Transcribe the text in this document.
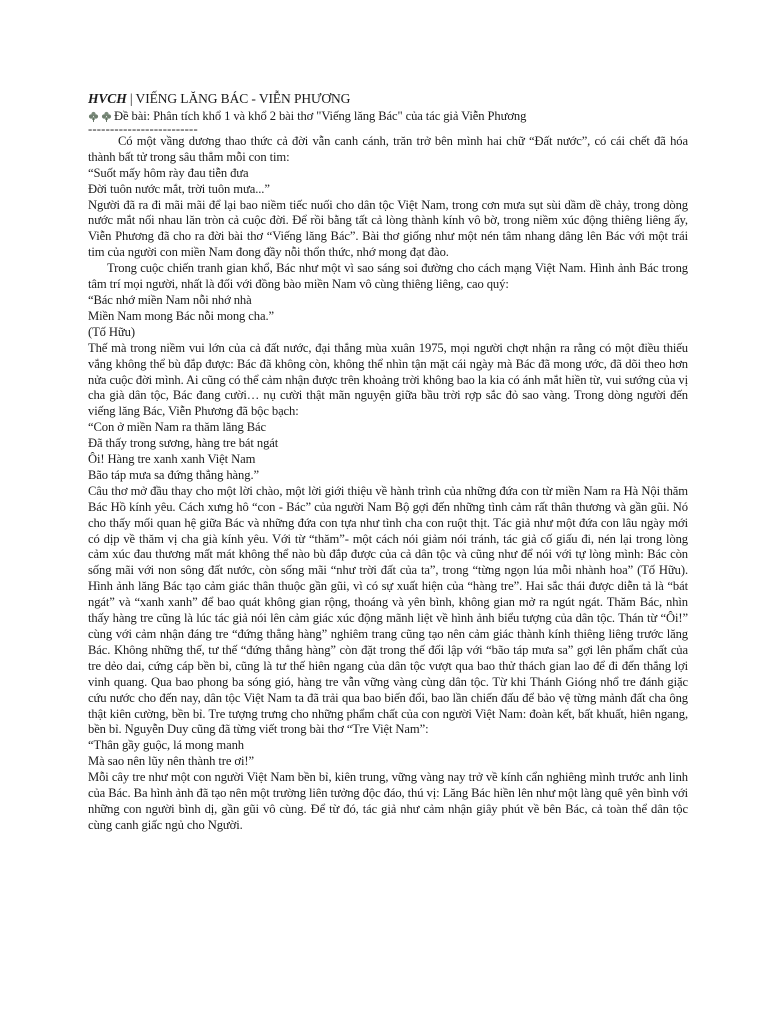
HVCH | VIẾNG LĂNG BÁC - VIỄN PHƯƠNG
Đề bài: Phân tích khổ 1 và khổ 2 bài thơ "Viếng lăng Bác" của tác giả Viễn Phương
-------------------------

Có một vầng dương thao thức cả đời vẫn canh cánh, trăn trở bên mình hai chữ “Đất nước”, có cái chết đã hóa thành bất tử trong sâu thẳm mỗi con tim:

“Suốt mấy hôm rày đau tiễn đưa
Đời tuôn nước mắt, trời tuôn mưa...”

Người đã ra đi mãi mãi để lại bao niềm tiếc nuối cho dân tộc Việt Nam, trong cơn mưa sụt sùi dầm dề chảy, trong dòng nước mắt nối nhau lăn tròn cả cuộc đời. Để rồi bằng tất cả lòng thành kính vô bờ, trong niềm xúc động thiêng liêng ấy, Viễn Phương đã cho ra đời bài thơ “Viếng lăng Bác”. Bài thơ giống như một nén tâm nhang dâng lên Bác với một trái tim của người con miền Nam đong đầy nỗi thổn thức, nhớ mong đạt đào.

Trong cuộc chiến tranh gian khổ, Bác như một vì sao sáng soi đường cho cách mạng Việt Nam. Hình ảnh Bác trong tâm trí mọi người, nhất là đối với đồng bào miền Nam vô cùng thiêng liêng, cao quý:

“Bác nhớ miền Nam nỗi nhớ nhà
Miền Nam mong Bác nỗi mong cha.”
(Tố Hữu)

Thế mà trong niềm vui lớn của cả đất nước, đại thắng mùa xuân 1975, mọi người chợt nhận ra rằng có một điều thiếu vắng không thể bù đắp được: Bác đã không còn, không thể nhìn tận mặt cái ngày mà Bác đã mong ước, đã dõi theo hơn nửa cuộc đời mình. Ai cũng có thể cảm nhận được trên khoảng trời không bao la kia có ánh mắt hiền từ, vui sướng của vị cha già dân tộc, Bác đang cười… nụ cười thật mãn nguyện giữa bầu trời rợp sắc đỏ sao vàng. Trong dòng người đến viếng lăng Bác, Viễn Phương đã bộc bạch:

“Con ở miền Nam ra thăm lăng Bác
Đã thấy trong sương, hàng tre bát ngát
Ôi! Hàng tre xanh xanh Việt Nam
Bão táp mưa sa đứng thẳng hàng.”

Câu thơ mở đầu thay cho một lời chào, một lời giới thiệu về hành trình của những đứa con từ miền Nam ra Hà Nội thăm Bác Hồ kính yêu. Cách xưng hô “con - Bác” của người Nam Bộ gợi đến những tình cảm rất thân thương và gần gũi. Nó cho thấy mối quan hệ giữa Bác và những đứa con tựa như tình cha con ruột thịt. Tác giả như một đứa con lâu ngày mới có dịp về thăm vị cha già kính yêu. Với từ “thăm”- một cách nói giảm nói tránh, tác giả cố giấu đi, nén lại trong lòng cảm xúc đau thương mất mát không thể nào bù đắp được của cả dân tộc và cũng như để nói với tự lòng mình: Bác còn sống mãi với non sông đất nước, còn sống mãi “như trời đất của ta”, trong “từng ngọn lúa mỗi nhành hoa” (Tố Hữu). Hình ảnh lăng Bác tạo cảm giác thân thuộc gần gũi, vì có sự xuất hiện của “hàng tre”. Hai sắc thái được diễn tả là “bát ngát” và “xanh xanh” để bao quát không gian rộng, thoáng và yên bình, không gian mở ra ngút ngát. Thăm Bác, nhìn thấy hàng tre cũng là lúc tác giả nói lên cảm giác xúc động mãnh liệt về hình ảnh biểu tượng của dân tộc. Thán từ “Ôi!” cùng với cảm nhận đáng tre “đứng thẳng hàng” nghiêm trang cũng tạo nên cảm giác thành kính thiêng liêng trước lăng Bác. Không những thế, tư thế “đứng thẳng hàng” còn đặt trong thế đối lập với “bão táp mưa sa” gợi lên phẩm chất của tre dẻo dai, cứng cáp bền bỉ, cũng là tư thế hiên ngang của dân tộc vượt qua bao thử thách gian lao để đi đến thắng lợi vinh quang. Qua bao phong ba sóng gió, hàng tre vẫn vững vàng cùng dân tộc. Từ khi Thánh Gióng nhổ tre đánh giặc cứu nước cho đến nay, dân tộc Việt Nam ta đã trải qua bao biến đổi, bao lần chiến đấu để bảo vệ từng mảnh đất cha ông thật kiên cường, bền bỉ. Tre tượng trưng cho những phẩm chất của con người Việt Nam: đoàn kết, bất khuất, hiên ngang, bền bỉ. Nguyễn Duy cũng đã từng viết trong bài thơ “Tre Việt Nam”:

“Thân gầy guộc, lá mong manh
Mà sao nên lũy nên thành tre ơi!”

Mỗi cây tre như một con người Việt Nam bền bỉ, kiên trung, vững vàng nay trở về kính cẩn nghiêng mình trước anh linh của Bác. Ba hình ảnh đã tạo nên một trường liên tưởng độc đáo, thú vị: Lăng Bác hiền lên như một làng quê yên bình với những con người bình dị, gần gũi vô cùng. Để từ đó, tác giả như cảm nhận giây phút về bên Bác, cả toàn thể dân tộc cùng canh giấc ngủ cho Người.
